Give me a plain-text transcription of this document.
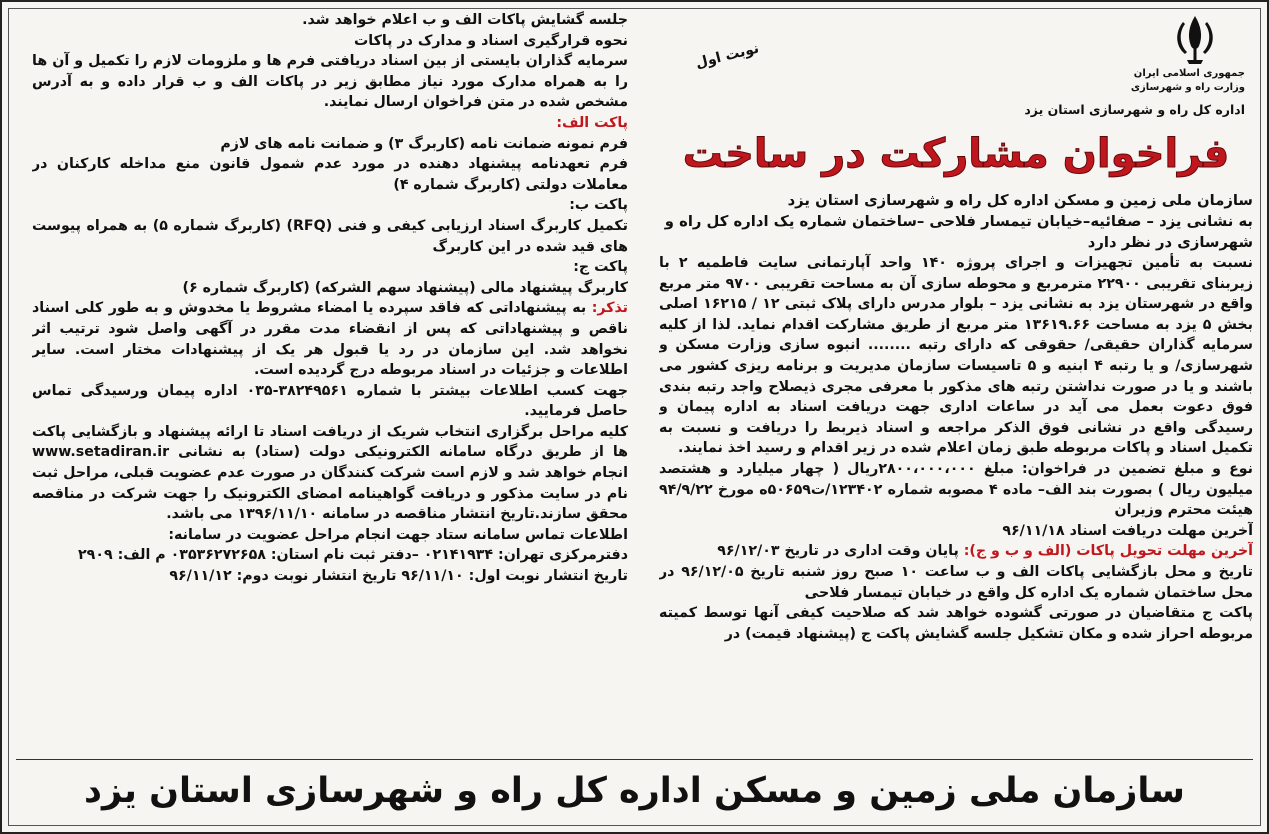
جمهوری اسلامی ایران
وزارت راه و شهرسازی
اداره کل راه و شهرسازی استان یزد
نوبت اول
فراخوان مشارکت در ساخت

سازمان ملی زمین و مسکن اداره کل راه و شهرسازی استان یزد

به نشانی یزد – صفائیه–خیابان تیمسار فلاحی –ساختمان شماره یک اداره کل راه و

شهرسازی در نظر دارد

نسبت به تأمین تجهیزات و اجرای پروژه ۱۴۰ واحد آپارتمانی سایت فاطمیه ۲ با زیربنای تقریبی ۲۲۹۰۰ مترمربع و محوطه سازی آن به مساحت تقریبی ۹۷۰۰ متر مربع واقع در شهرستان یزد به نشانی یزد – بلوار مدرس دارای پلاک ثبتی ۱۲ / ۱۶۲۱۵ اصلی بخش ۵ یزد به مساحت ۱۳۶۱۹.۶۶ متر مربع از طریق مشارکت اقدام نماید. لذا از کلیه سرمایه گذاران حقیقی/ حقوقی که دارای رتبه ........ انبوه سازی وزارت مسکن و شهرسازی/ و یا رتبه ۴ ابنیه و ۵ تاسیسات سازمان مدیریت و برنامه ریزی کشور می باشند و یا در صورت نداشتن رتبه های مذکور با معرفی مجری ذیصلاح واجد رتبه بندی فوق دعوت بعمل می آید در ساعات اداری جهت دریافت اسناد به اداره پیمان و رسیدگی واقع در نشانی فوق الذکر مراجعه و اسناد ذیربط را دریافت و نسبت به تکمیل اسناد و پاکات مربوطه طبق زمان اعلام شده در زیر اقدام و رسید اخذ نمایند.

نوع و مبلغ تضمین در فراخوان: مبلغ ۲۸۰۰،۰۰۰،۰۰۰ریال ( چهار میلیارد و هشتصد میلیون ریال ) بصورت بند الف– ماده ۴ مصوبه شماره ۱۲۳۴۰۲/ت۵۰۶۵۹ه مورخ ۹۴/۹/۲۲ هیئت محترم وزیران

آخرین مهلت دریافت اسناد ۹۶/۱۱/۱۸

آخرین مهلت تحویل پاکات (الف و ب و ج): پایان وقت اداری در تاریخ ۹۶/۱۲/۰۳

تاریخ و محل بازگشایی پاکات الف و ب ساعت ۱۰ صبح روز شنبه تاریخ ۹۶/۱۲/۰۵ در محل ساختمان شماره یک اداره کل واقع در خیابان تیمسار فلاحی

پاکت ج متقاضیان در صورتی گشوده خواهد شد که صلاحیت کیفی آنها توسط کمیته مربوطه احراز شده و مکان تشکیل جلسه گشایش پاکت ج (پیشنهاد قیمت) در

جلسه گشایش پاکات الف و ب اعلام خواهد شد.

نحوه قرارگیری اسناد و مدارک در پاکات

سرمایه گذاران بایستی از بین اسناد دریافتی فرم ها و ملزومات لازم را تکمیل و آن ها را به همراه مدارک مورد نیاز مطابق زیر در پاکات الف و ب قرار داده و به آدرس مشخص شده در متن فراخوان ارسال نمایند.

پاکت الف:

فرم نمونه ضمانت نامه (کاربرگ ۳) و ضمانت نامه های لازم

فرم تعهدنامه پیشنهاد دهنده در مورد عدم شمول قانون منع مداخله کارکنان در معاملات دولتی (کاربرگ شماره ۴)

پاکت ب:

تکمیل کاربرگ اسناد ارزیابی کیفی و فنی (RFQ) (کاربرگ شماره ۵) به همراه پیوست های قید شده در این کاربرگ

پاکت ج:

کاربرگ پیشنهاد مالی (پیشنهاد سهم الشرکه) (کاربرگ شماره ۶)

تذکر: به پیشنهاداتی که فاقد سپرده یا امضاء مشروط یا مخدوش و به طور کلی اسناد ناقص و پیشنهاداتی که پس از انقضاء مدت مقرر در آگهی واصل شود ترتیب اثر نخواهد شد. این سازمان در رد یا قبول هر یک از پیشنهادات مختار است. سایر اطلاعات و جزئیات در اسناد مربوطه درج گردیده است.

جهت کسب اطلاعات بیشتر با شماره ۳۸۲۴۹۵۶۱-۰۳۵ اداره پیمان ورسیدگی تماس حاصل فرمایید.

کلیه مراحل برگزاری انتخاب شریک از دریافت اسناد تا ارائه پیشنهاد و بازگشایی پاکت ها از طریق درگاه سامانه الکترونیکی دولت (ستاد) به نشانی www.setadiran.ir انجام خواهد شد و لازم است شرکت کنندگان در صورت عدم عضویت قبلی، مراحل ثبت نام در سایت مذکور و دریافت گواهینامه امضای الکترونیک را جهت شرکت در مناقصه محقق سازند.تاریخ انتشار مناقصه در سامانه ۱۳۹۶/۱۱/۱۰ می باشد.

اطلاعات تماس سامانه ستاد جهت انجام مراحل عضویت در سامانه:

دفترمرکزی تهران: ۰۲۱۴۱۹۳۴ –دفتر ثبت نام استان: ۰۳۵۳۶۲۷۲۶۵۸ م الف: ۲۹۰۹

تاریخ انتشار نوبت اول: ۹۶/۱۱/۱۰ تاریخ انتشار نوبت دوم: ۹۶/۱۱/۱۲

سازمان ملی زمین و مسکن اداره کل راه و شهرسازی استان یزد
